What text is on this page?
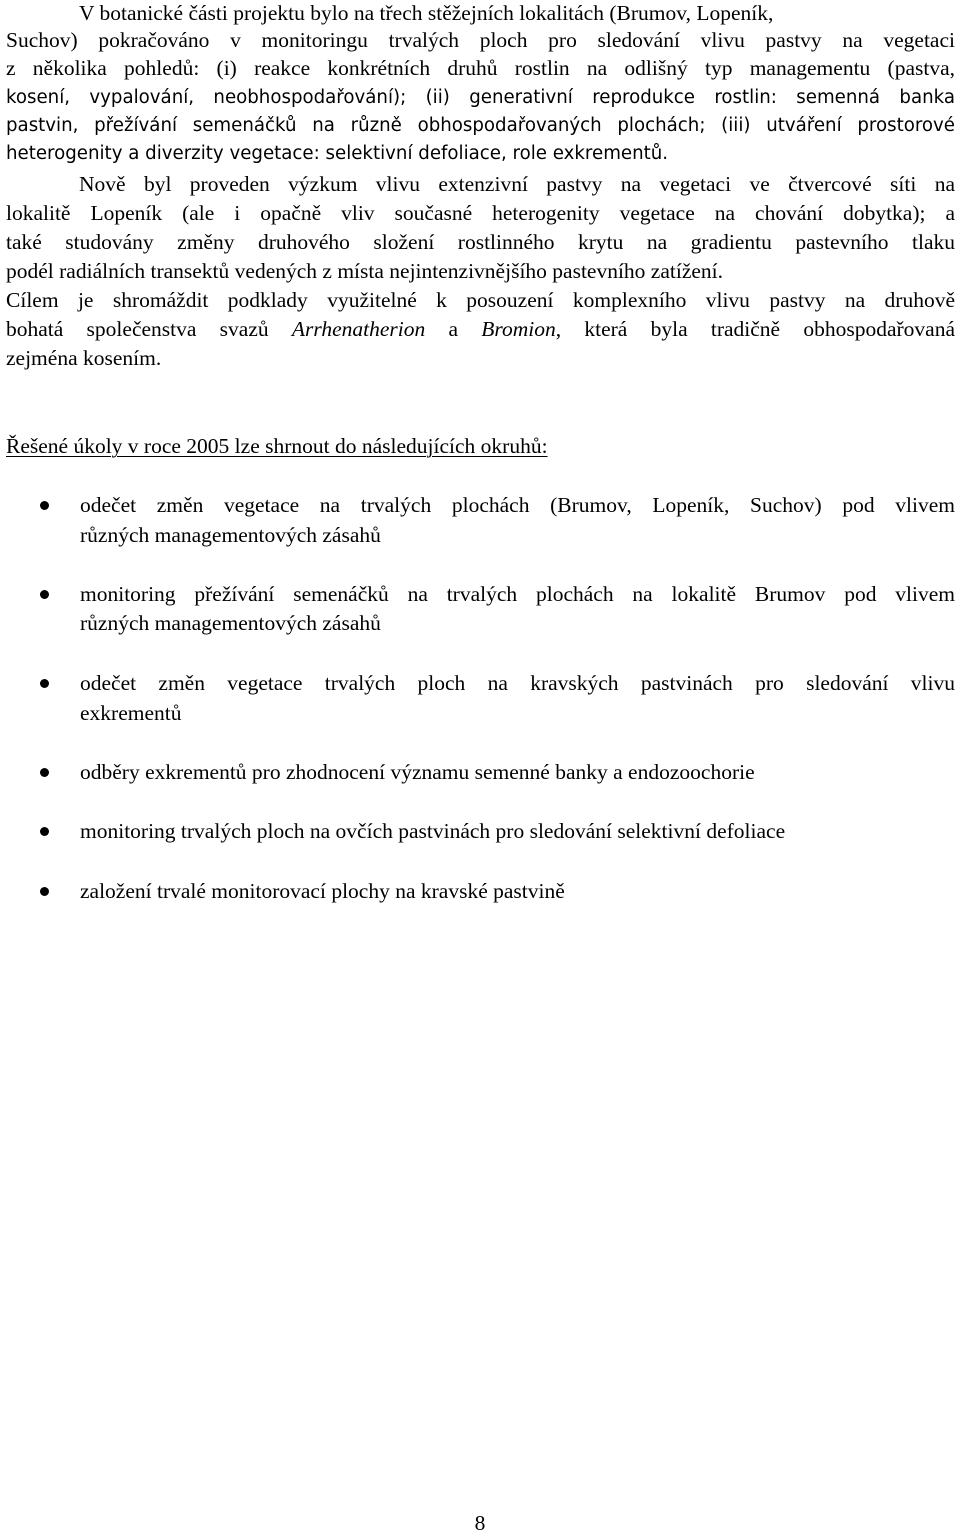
V botanické části projektu bylo na třech stěžejních lokalitách (Brumov, Lopeník,
Suchov) pokračováno v monitoringu trvalých ploch pro sledování vlivu pastvy na vegetaci
z několika pohledů: (i) reakce konkrétních druhů rostlin na odlišný typ managementu (pastva,
kosení, vypalování, neobhospodařování); (ii) generativní reprodukce rostlin: semenná banka
pastvin, přežívání semenáčků na různě obhospodařovaných plochách; (iii) utváření prostorové
heterogenity a diverzity vegetace: selektivní defoliace, role exkrementů.
Nově byl proveden výzkum vlivu extenzivní pastvy na vegetaci ve čtvercové síti na
lokalitě Lopeník (ale i opačně vliv současné heterogenity vegetace na chování dobytka); a
také studovány změny druhového složení rostlinného krytu na gradientu pastevního tlaku
podél radiálních transektů vedených z místa nejintenzivnějšího pastevního zatížení.
Cílem je shromáždit podklady využitelné k posouzení komplexního vlivu pastvy na druhově
bohatá společenstva svazů Arrhenatherion a Bromion, která byla tradičně obhospodařovaná
zejména kosením.
Řešené úkoly v roce 2005 lze shrnout do následujících okruhů:
odečet změn vegetace na trvalých plochách (Brumov, Lopeník, Suchov) pod vlivem
různých managementových zásahů
monitoring přežívání semenáčků na trvalých plochách na lokalitě Brumov pod vlivem
různých managementových zásahů
odečet změn vegetace trvalých ploch na kravských pastvinách pro sledování vlivu
exkrementů
odběry exkrementů pro zhodnocení významu semenné banky a endozoochorie
monitoring trvalých ploch na ovčích pastvinách pro sledování selektivní defoliace
založení trvalé monitorovací plochy na kravské pastvině
8
